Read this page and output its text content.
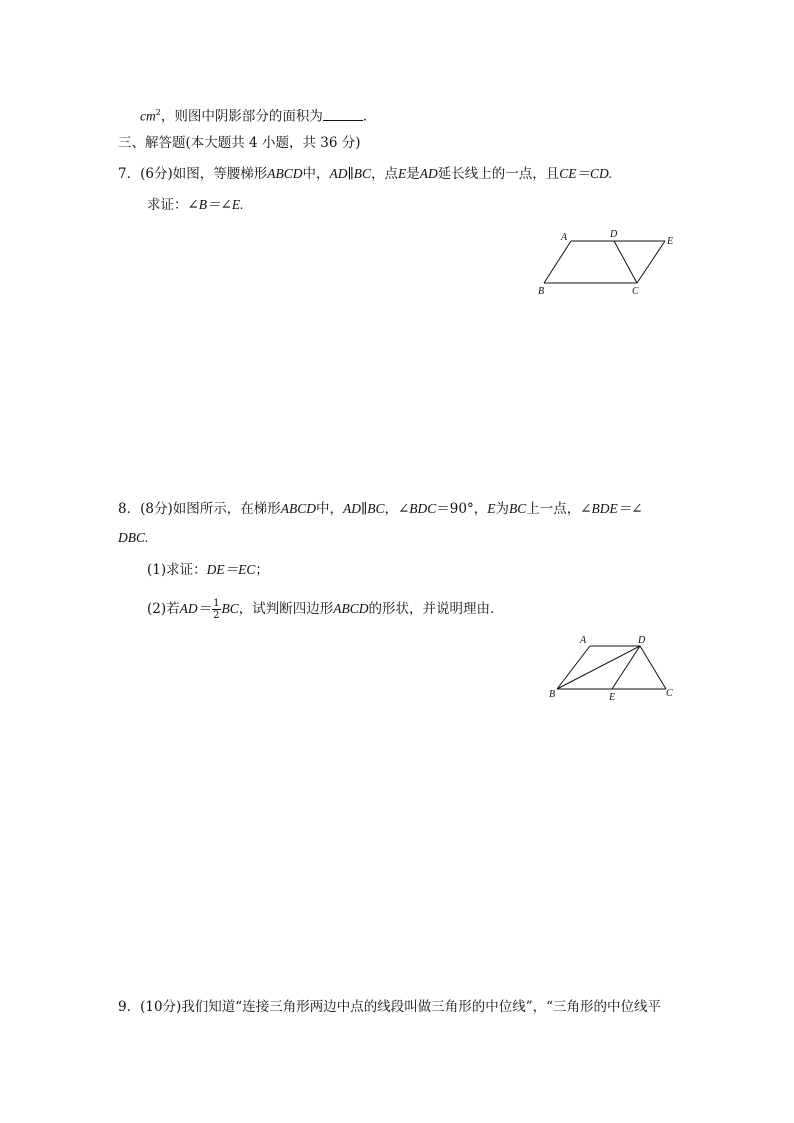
$cm^2$，则图中阴影部分的面积为	．
三、解答题(本大题共 4 小题，共 36 分)
7．(6分)如图，等腰梯形ABCD中，AD∥BC，点E是AD延长线上的一点，且CE＝CD.
求证：∠B＝∠E.
A	D
E
B	C
8．(8分)如图所示，在梯形ABCD中，AD∥BC，∠BDC＝90°，E为BC上一点，∠BDE＝∠
DBC.
(1)求证：DE＝EC；
(2)若$AD= \frac{1}{2}$ BC，试判断四边形ABCD的形状，并说明理由．
A	D
B	E	C
9．(10分)我们知道“连接三角形两边中点的线段叫做三角形的中位线”，“三角形的中位线平
